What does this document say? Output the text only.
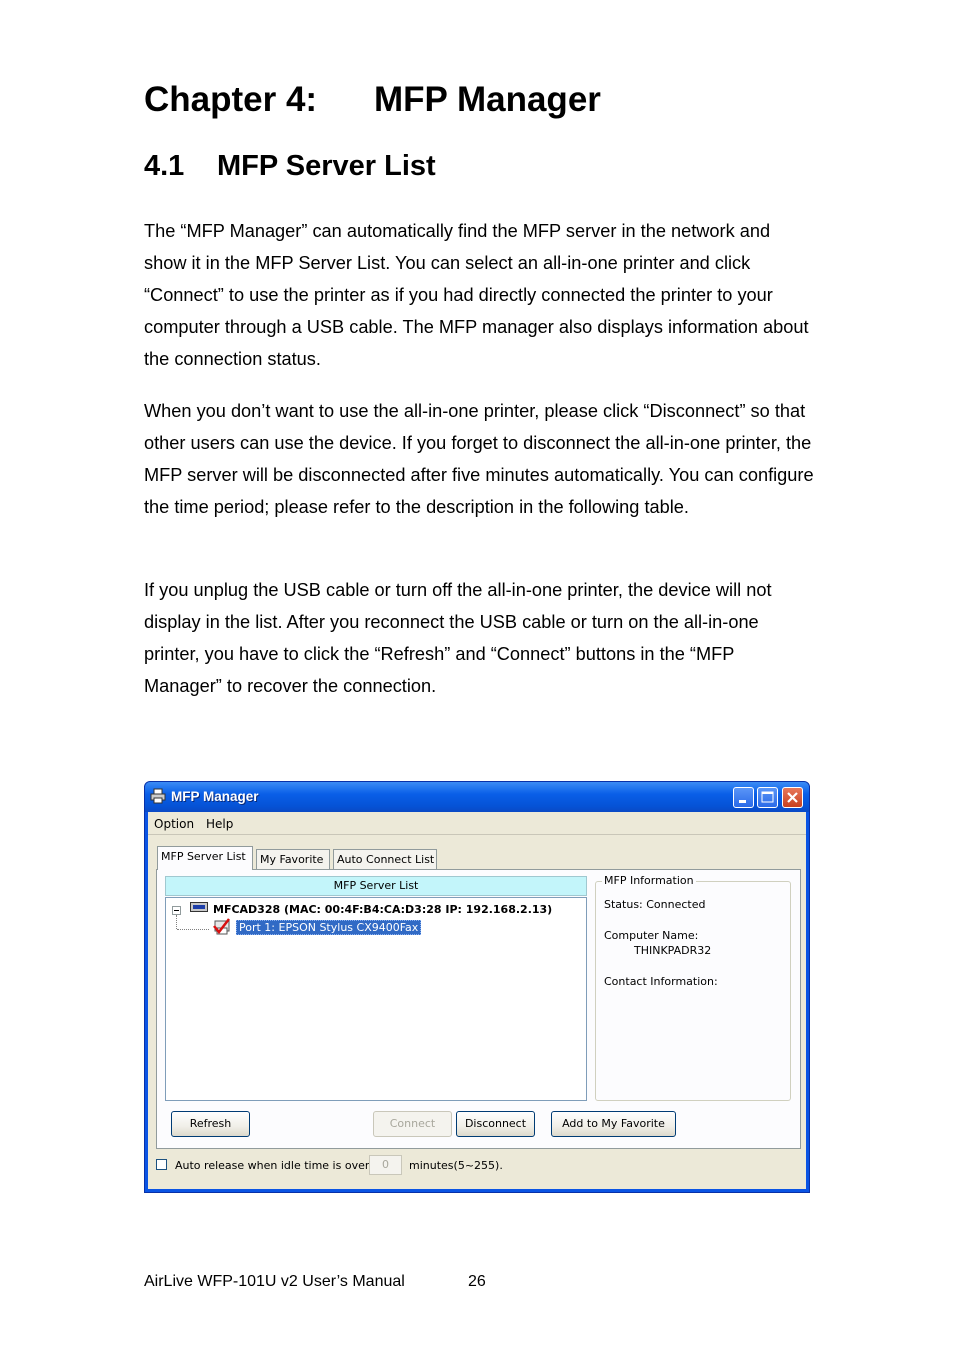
Chapter 4: MFP Manager
4.1 MFP Server List

The “MFP Manager” can automatically find the MFP server in the network and show it in the MFP Server List. You can select an all-in-one printer and click “Connect” to use the printer as if you had directly connected the printer to your computer through a USB cable. The MFP manager also displays information about the connection status.

When you don’t want to use the all-in-one printer, please click “Disconnect” so that other users can use the device. If you forget to disconnect the all-in-one printer, the MFP server will be disconnected after five minutes automatically. You can configure the time period; please refer to the description in the following table.

If you unplug the USB cable or turn off the all-in-one printer, the device will not display in the list. After you reconnect the USB cable or turn on the all-in-one printer, you have to click the “Refresh” and “Connect” buttons in the “MFP Manager” to recover the connection.

MFP Manager
Option Help
MFP Server List	My Favorite	Auto Connect List
MFP Server List
MFCAD328 (MAC: 00:4F:B4:CA:D3:28 IP: 192.168.2.13)
Port 1: EPSON Stylus CX9400Fax
MFP Information
Status: Connected
Computer Name:
THINKPADR32
Contact Information:
Refresh	Connect	Disconnect	Add to My Favorite
Auto release when idle time is over	0	minutes(5~255).
AirLive WFP-101U v2 User’s Manual	26
